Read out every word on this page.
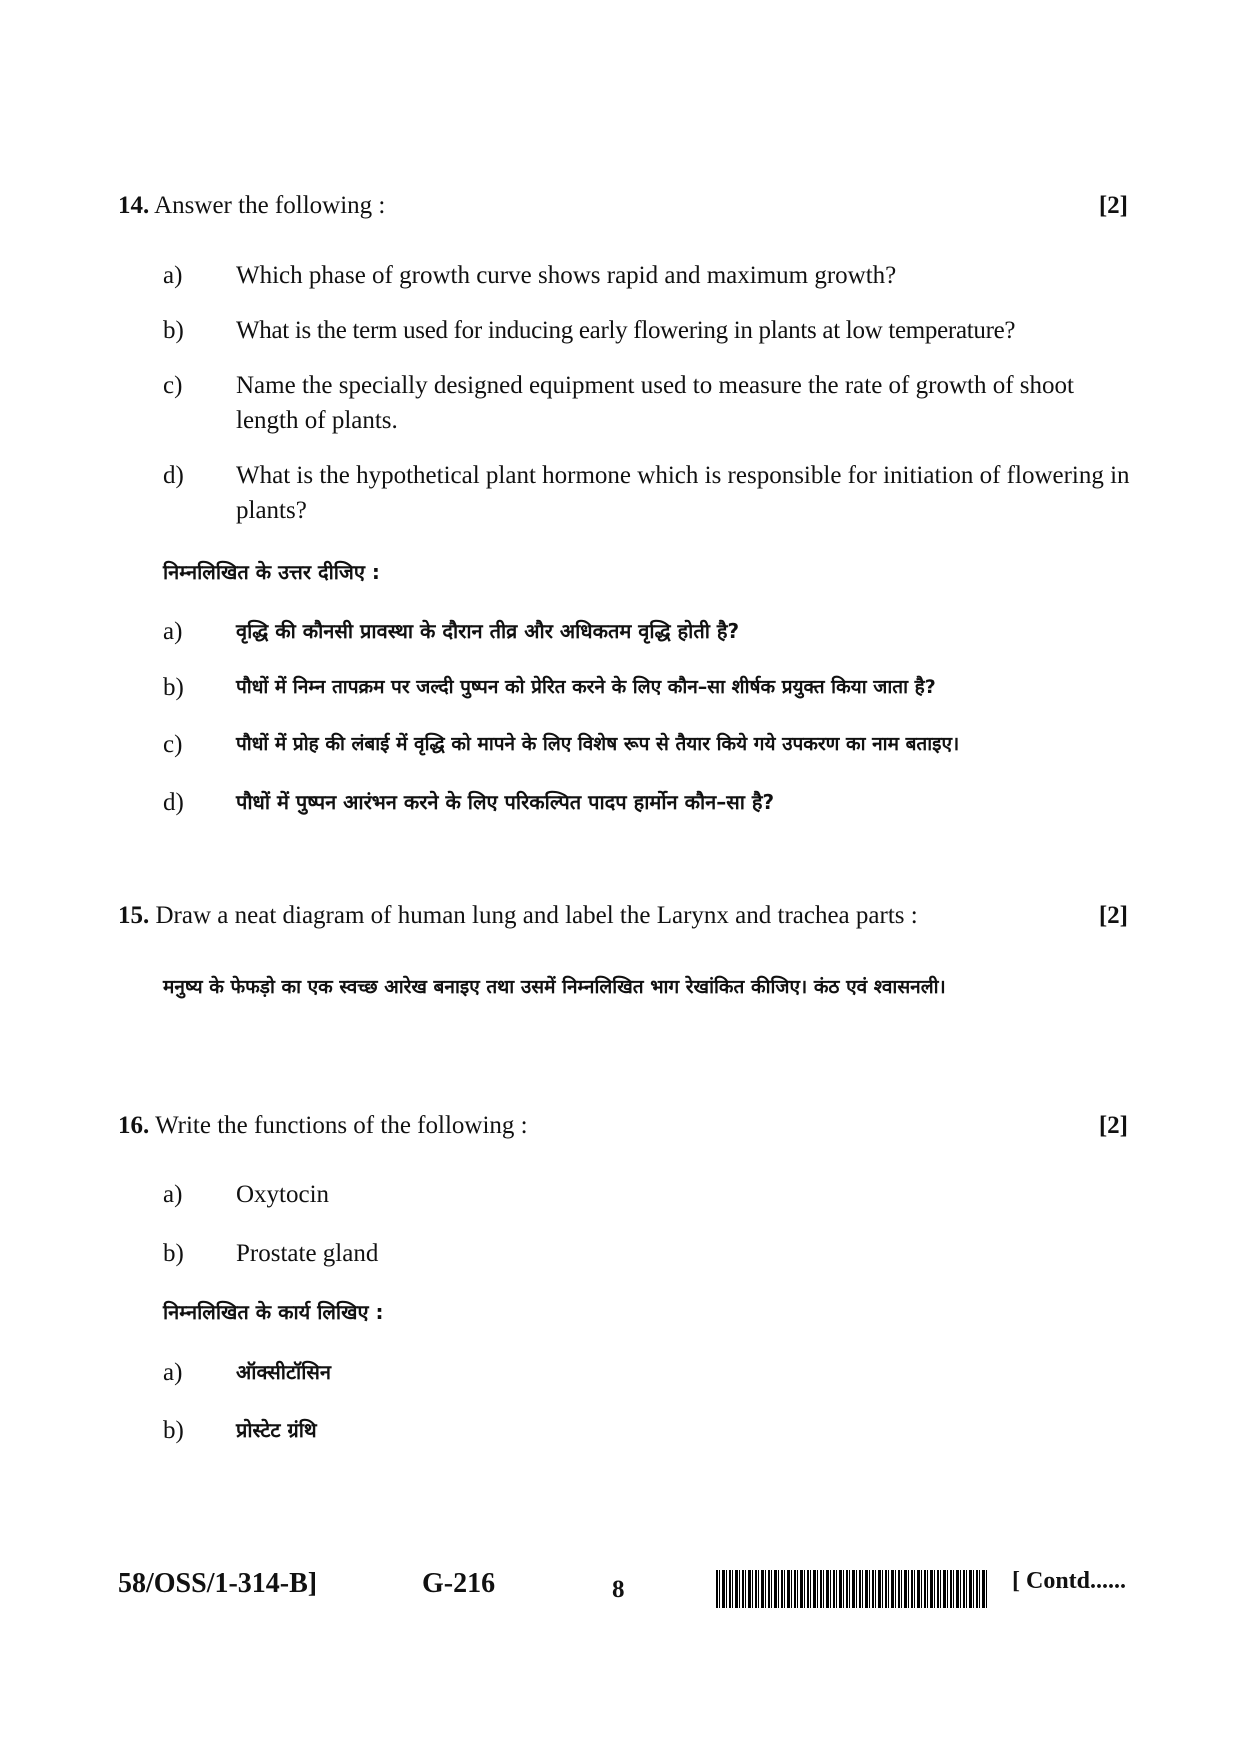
14. Answer the following :	[2]
a) Which phase of growth curve shows rapid and maximum growth?
b) What is the term used for inducing early flowering in plants at low temperature?
c) Name the specially designed equipment used to measure the rate of growth of shoot length of plants.
d) What is the hypothetical plant hormone which is responsible for initiation of flowering in plants?
निम्नलिखित के उत्तर दीजिए :
a)	वृद्धि की कौनसी प्रावस्था के दौरान तीव्र और अधिकतम वृद्धि होती है?
b)	पौधों में निम्न तापक्रम पर जल्दी पुष्पन को प्रेरित करने के लिए कौन–सा शीर्षक प्रयुक्त किया जाता है?
c)	पौधों में प्रोह की लंबाई में वृद्धि को मापने के लिए विशेष रूप से तैयार किये गये उपकरण का नाम बताइए।
d)	पौधों में पुष्पन आरंभन करने के लिए परिकल्पित पादप हार्मोन कौन–सा है?
15. Draw a neat diagram of human lung and label the Larynx and trachea parts :	[2]
मनुष्य के फेफड़ो का एक स्वच्छ आरेख बनाइए तथा उसमें निम्नलिखित भाग रेखांकित कीजिए। कंठ एवं श्वासनली।
16. Write the functions of the following :	[2]
a) Oxytocin
b) Prostate gland
निम्नलिखित के कार्य लिखिए :
a)	ऑक्सीटॉसिन
b)	प्रोस्टेट ग्रंथि
58/OSS/1-314-B]	G-216	8	[ Contd......
